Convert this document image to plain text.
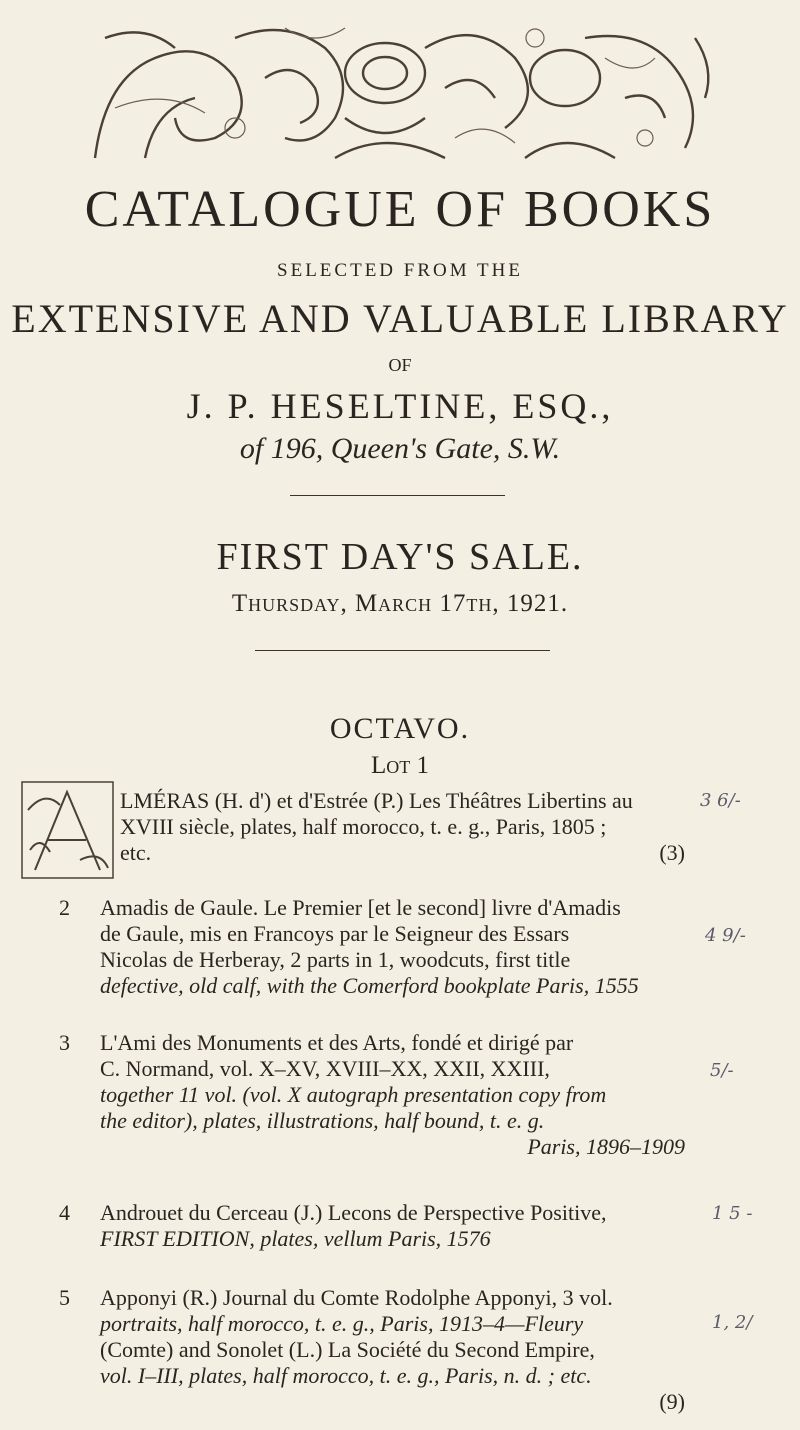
CATALOGUE OF BOOKS
SELECTED FROM THE
EXTENSIVE AND VALUABLE LIBRARY
OF
J. P. HESELTINE, ESQ.,
of 196, Queen's Gate, S.W.
FIRST DAY'S SALE.
Thursday, March 17th, 1921.
OCTAVO.
Lot 1
LMÉRAS (H. d') et d'Estrée (P.) Les Théâtres Libertins au
XVIII siècle, plates, half morocco, t. e. g., Paris, 1805 ;
etc.	(3)
3 6/-
2 Amadis de Gaule. Le Premier [et le second] livre d'Amadis
de Gaule, mis en Francoys par le Seigneur des Essars
Nicolas de Herberay, 2 parts in 1, woodcuts, first title
defective, old calf, with the Comerford bookplate Paris, 1555
4 9/-
3 L'Ami des Monuments et des Arts, fondé et dirigé par
C. Normand, vol. X–XV, XVIII–XX, XXII, XXIII,
together 11 vol. (vol. X autograph presentation copy from
the editor), plates, illustrations, half bound, t. e. g.
Paris, 1896–1909
5/-
4 Androuet du Cerceau (J.) Lecons de Perspective Positive,
FIRST EDITION, plates, vellum Paris, 1576
1 5 -
5 Apponyi (R.) Journal du Comte Rodolphe Apponyi, 3 vol.
portraits, half morocco, t. e. g., Paris, 1913–4—Fleury
(Comte) and Sonolet (L.) La Société du Second Empire,
vol. I–III, plates, half morocco, t. e. g., Paris, n. d. ; etc.
(9)
1, 2/
